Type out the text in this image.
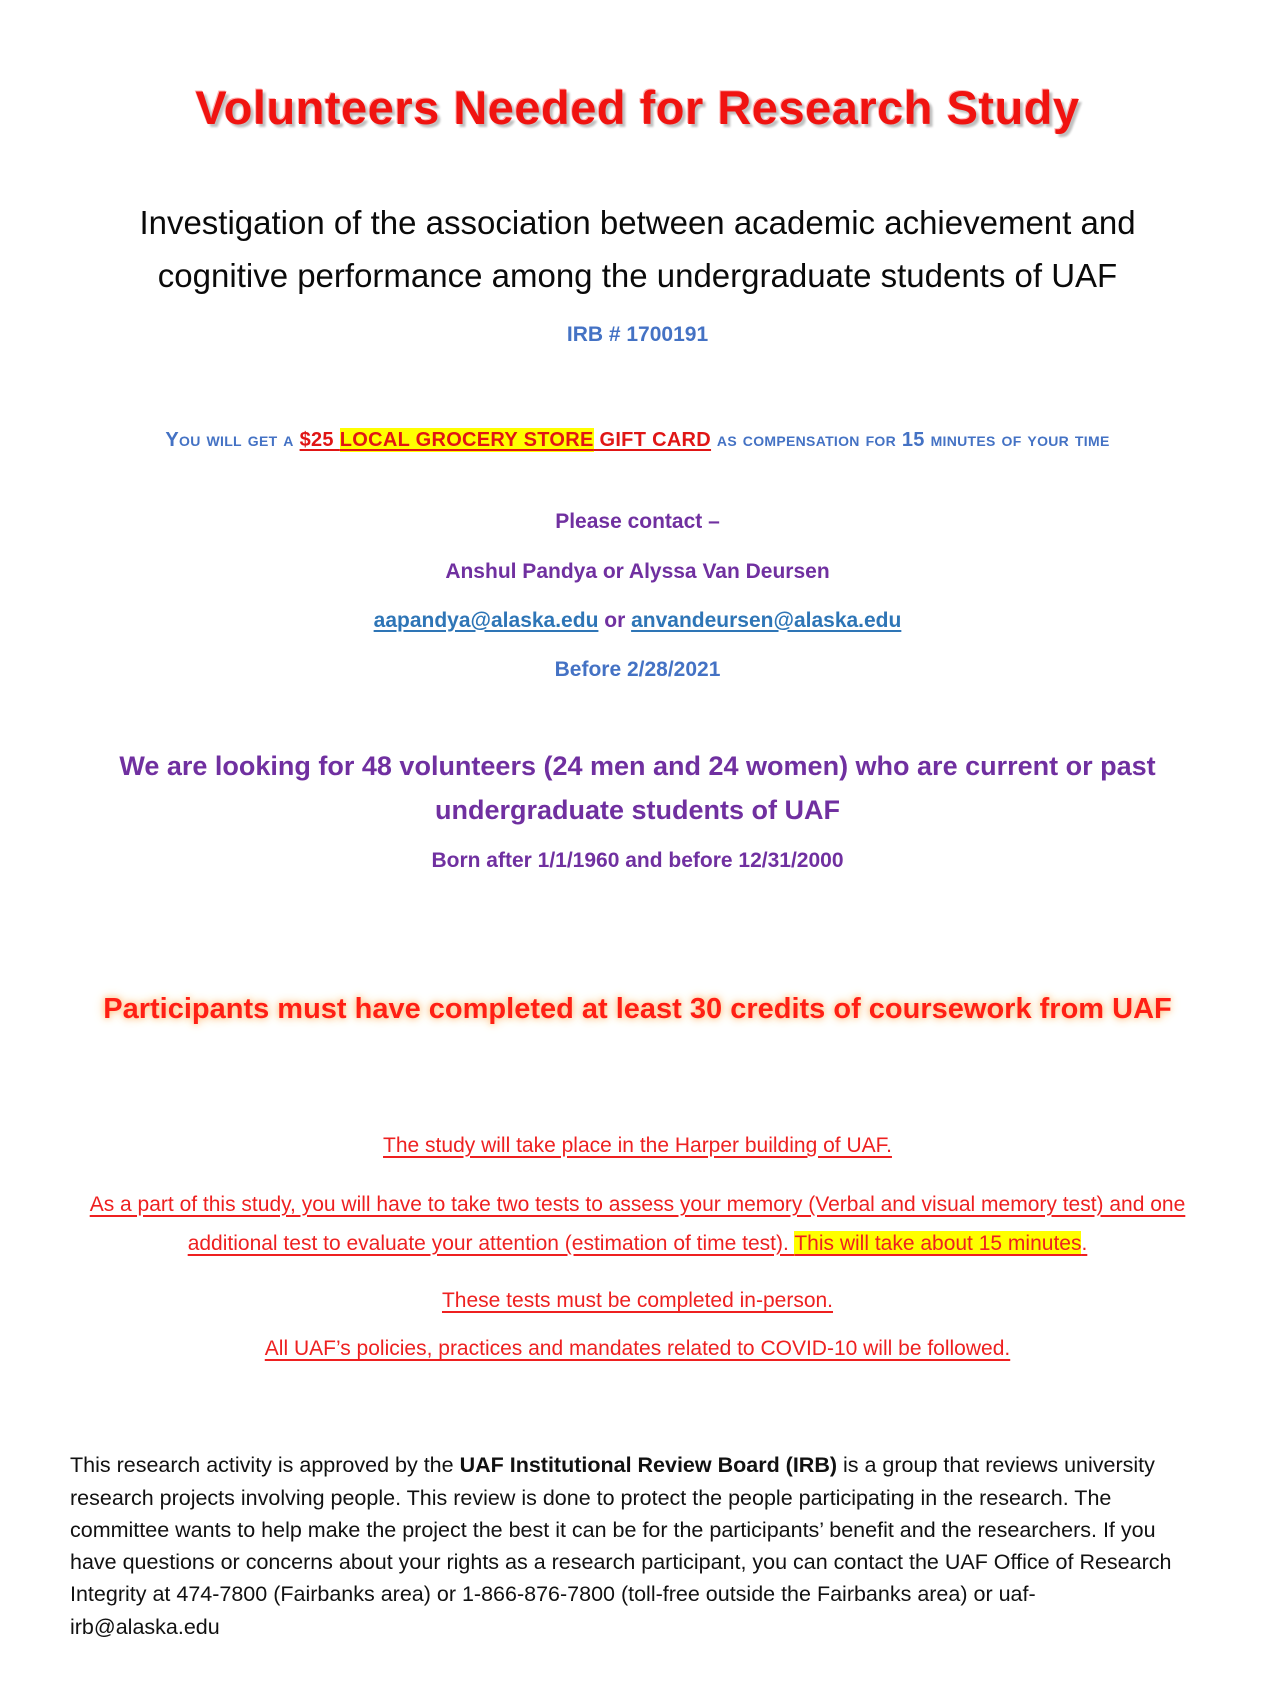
Volunteers Needed for Research Study
Investigation of the association between academic achievement and cognitive performance among the undergraduate students of UAF
IRB # 1700191
You will get a $25 LOCAL GROCERY STORE GIFT CARD as compensation for 15 minutes of your time
Please contact –
Anshul Pandya or Alyssa Van Deursen
aapandya@alaska.edu or anvandeursen@alaska.edu
Before 2/28/2021
We are looking for 48 volunteers (24 men and 24 women) who are current or past undergraduate students of UAF
Born after 1/1/1960 and before 12/31/2000
Participants must have completed at least 30 credits of coursework from UAF
The study will take place in the Harper building of UAF.
As a part of this study, you will have to take two tests to assess your memory (Verbal and visual memory test) and one additional test to evaluate your attention (estimation of time test). This will take about 15 minutes.
These tests must be completed in-person.
All UAF’s policies, practices and mandates related to COVID-10 will be followed.
This research activity is approved by the UAF Institutional Review Board (IRB) is a group that reviews university research projects involving people. This review is done to protect the people participating in the research. The committee wants to help make the project the best it can be for the participants’ benefit and the researchers. If you have questions or concerns about your rights as a research participant, you can contact the UAF Office of Research Integrity at 474-7800 (Fairbanks area) or 1-866-876-7800 (toll-free outside the Fairbanks area) or uaf-irb@alaska.edu
